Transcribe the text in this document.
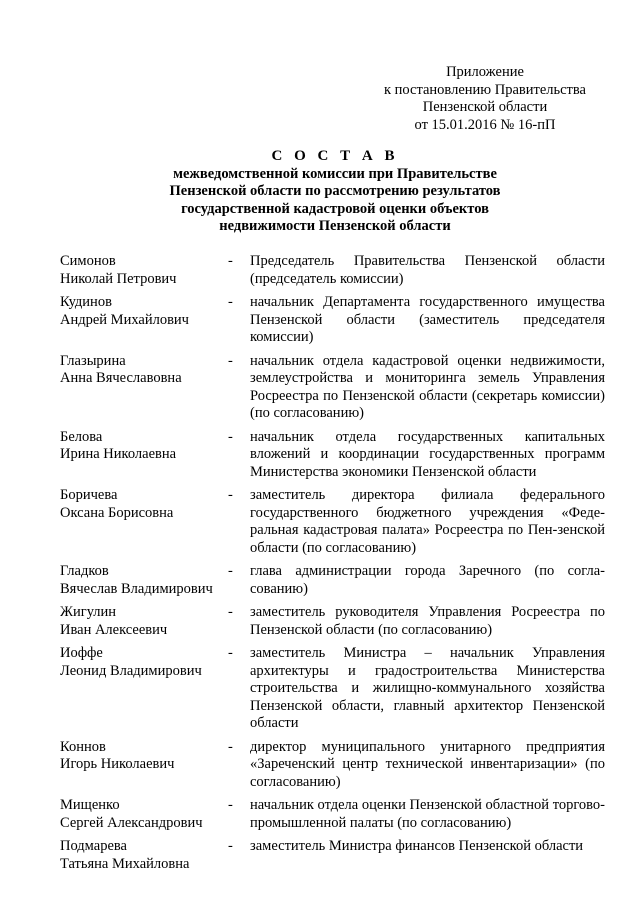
Приложение
к постановлению Правительства
Пензенской области
от 15.01.2016 № 16-пП
С О С Т А В
межведомственной комиссии при Правительстве
Пензенской области по рассмотрению результатов
государственной кадастровой оценки объектов
недвижимости Пензенской области
Симонов
Николай Петрович
-	Председатель Правительства Пензенской области (председатель комиссии)
Кудинов
Андрей Михайлович
-	начальник Департамента государственного имущества Пензенской области (заместитель председателя комиссии)
Глазырина
Анна Вячеславовна
-	начальник отдела кадастровой оценки недвижимости, землеустройства и мониторинга земель Управления Росреестра по Пензенской области (секретарь комиссии) (по согласованию)
Белова
Ирина Николаевна
-	начальник отдела государственных капитальных вложений и координации государственных программ Министерства экономики Пензенской области
Боричева
Оксана Борисовна
-	заместитель директора филиала федерального государственного бюджетного учреждения «Феде-ральная кадастровая палата» Росреестра по Пен-зенской области (по согласованию)
Гладков
Вячеслав Владимирович
-	глава администрации города Заречного (по согла-сованию)
Жигулин
Иван Алексеевич
-	заместитель руководителя Управления Росреестра по Пензенской области (по согласованию)
Иоффе
Леонид Владимирович
-	заместитель Министра – начальник Управления архитектуры и градостроительства Министерства строительства и жилищно-коммунального хозяйства Пензенской области, главный архитектор Пензенской области
Коннов
Игорь Николаевич
-	директор муниципального унитарного предприятия «Заречeнский центр технической инвентаризации» (по согласованию)
Мищенко
Сергей Александрович
-	начальник отдела оценки Пензенской областной торгово-промышленной палаты (по согласованию)
Подмарева
Татьяна Михайловна
-	заместитель Министра финансов Пензенской области
